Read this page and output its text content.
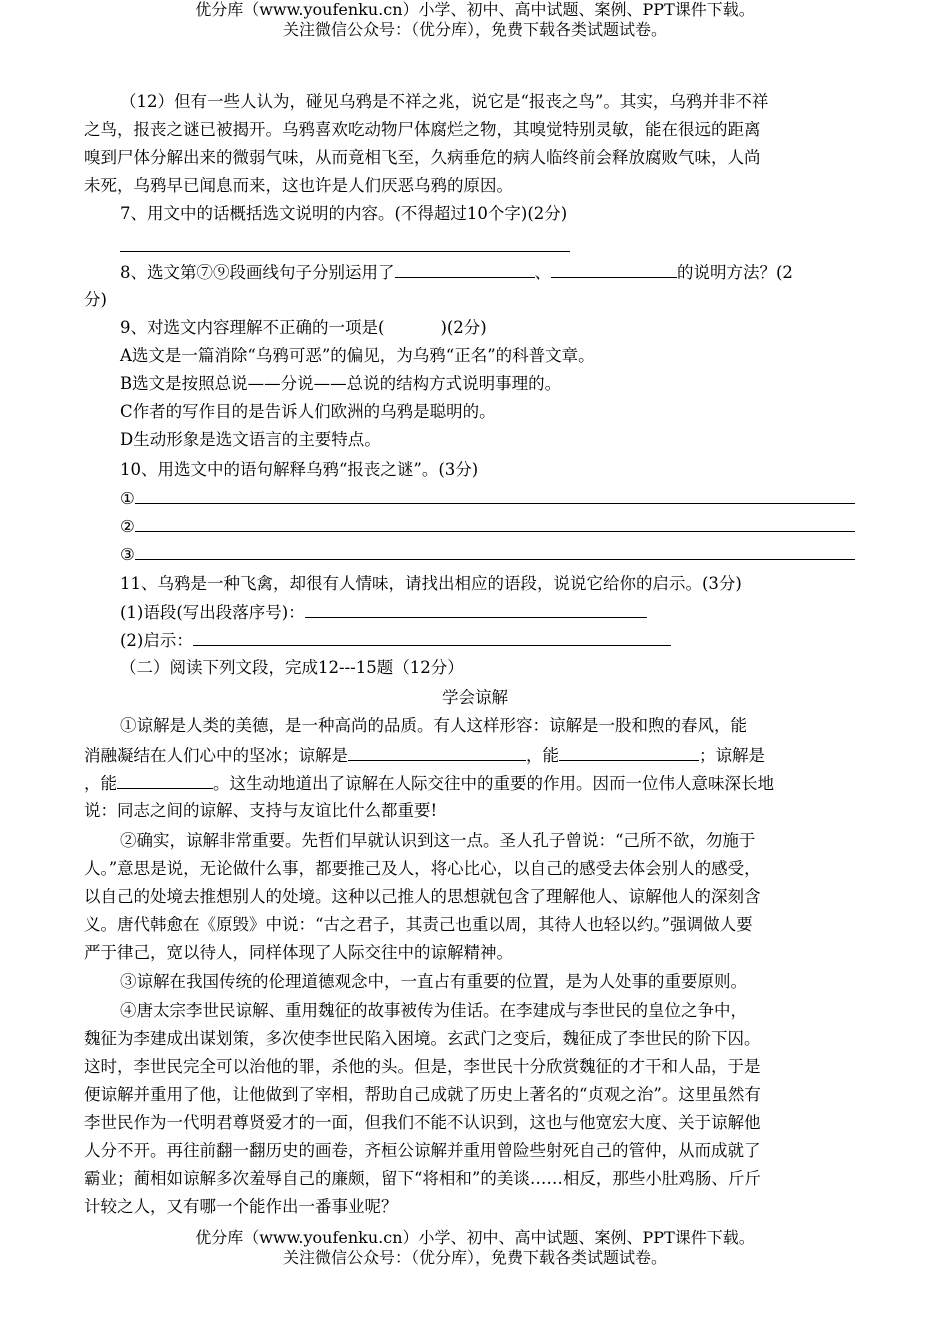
优分库（www.youfenku.cn）小学、初中、高中试题、案例、PPT课件下载。
关注微信公众号：（优分库），免费下载各类试题试卷。
（12）但有一些人认为，碰见乌鸦是不祥之兆，说它是“报丧之鸟”。其实，乌鸦并非不祥
之鸟，报丧之谜已被揭开。乌鸦喜欢吃动物尸体腐烂之物，其嗅觉特别灵敏，能在很远的距离
嗅到尸体分解出来的微弱气味，从而竟相飞至，久病垂危的病人临终前会释放腐败气味，人尚
未死，乌鸦早已闻息而来，这也许是人们厌恶乌鸦的原因。
7、用文中的话概括选文说明的内容。(不得超过10个字)(2分)
8、选文第⑦⑨段画线句子分别运用了	、	的说明方法？(2
分)
9、对选文内容理解不正确的一项是(	)(2分)
A选文是一篇消除“乌鸦可恶”的偏见，为乌鸦“正名”的科普文章。
B选文是按照总说——分说——总说的结构方式说明事理的。
C作者的写作目的是告诉人们欧洲的乌鸦是聪明的。
D生动形象是选文语言的主要特点。
10、用选文中的语句解释乌鸦“报丧之谜”。(3分)
①
②
③
11、乌鸦是一种飞禽，却很有人情味，请找出相应的语段，说说它给你的启示。(3分)
(1)语段(写出段落序号)：
(2)启示：
（二）阅读下列文段，完成12---15题（12分）
学会谅解
①谅解是人类的美德，是一种高尚的品质。有人这样形容：谅解是一股和煦的春风，能
消融凝结在人们心中的坚冰；谅解是	，能	；谅解是
，能	。这生动地道出了谅解在人际交往中的重要的作用。因而一位伟人意味深长地
说：同志之间的谅解、支持与友谊比什么都重要!
②确实，谅解非常重要。先哲们早就认识到这一点。圣人孔子曾说：“己所不欲，勿施于
人。”意思是说，无论做什么事，都要推己及人，将心比心，以自己的感受去体会别人的感受，
以自己的处境去推想别人的处境。这种以己推人的思想就包含了理解他人、谅解他人的深刻含
义。唐代韩愈在《原毁》中说：“古之君子，其责己也重以周，其待人也轻以约。”强调做人要
严于律己，宽以待人，同样体现了人际交往中的谅解精神。
③谅解在我国传统的伦理道德观念中，一直占有重要的位置，是为人处事的重要原则。
④唐太宗李世民谅解、重用魏征的故事被传为佳话。在李建成与李世民的皇位之争中，
魏征为李建成出谋划策，多次使李世民陷入困境。玄武门之变后，魏征成了李世民的阶下囚。
这时，李世民完全可以治他的罪，杀他的头。但是，李世民十分欣赏魏征的才干和人品，于是
便谅解并重用了他，让他做到了宰相，帮助自己成就了历史上著名的“贞观之治”。这里虽然有
李世民作为一代明君尊贤爱才的一面，但我们不能不认识到，这也与他宽宏大度、关于谅解他
人分不开。再往前翻一翻历史的画卷，齐桓公谅解并重用曾险些射死自己的管仲，从而成就了
霸业；蔺相如谅解多次羞辱自己的廉颇，留下“将相和”的美谈……相反，那些小肚鸡肠、斤斤
计较之人，又有哪一个能作出一番事业呢？
优分库（www.youfenku.cn）小学、初中、高中试题、案例、PPT课件下载。
关注微信公众号：（优分库），免费下载各类试题试卷。
